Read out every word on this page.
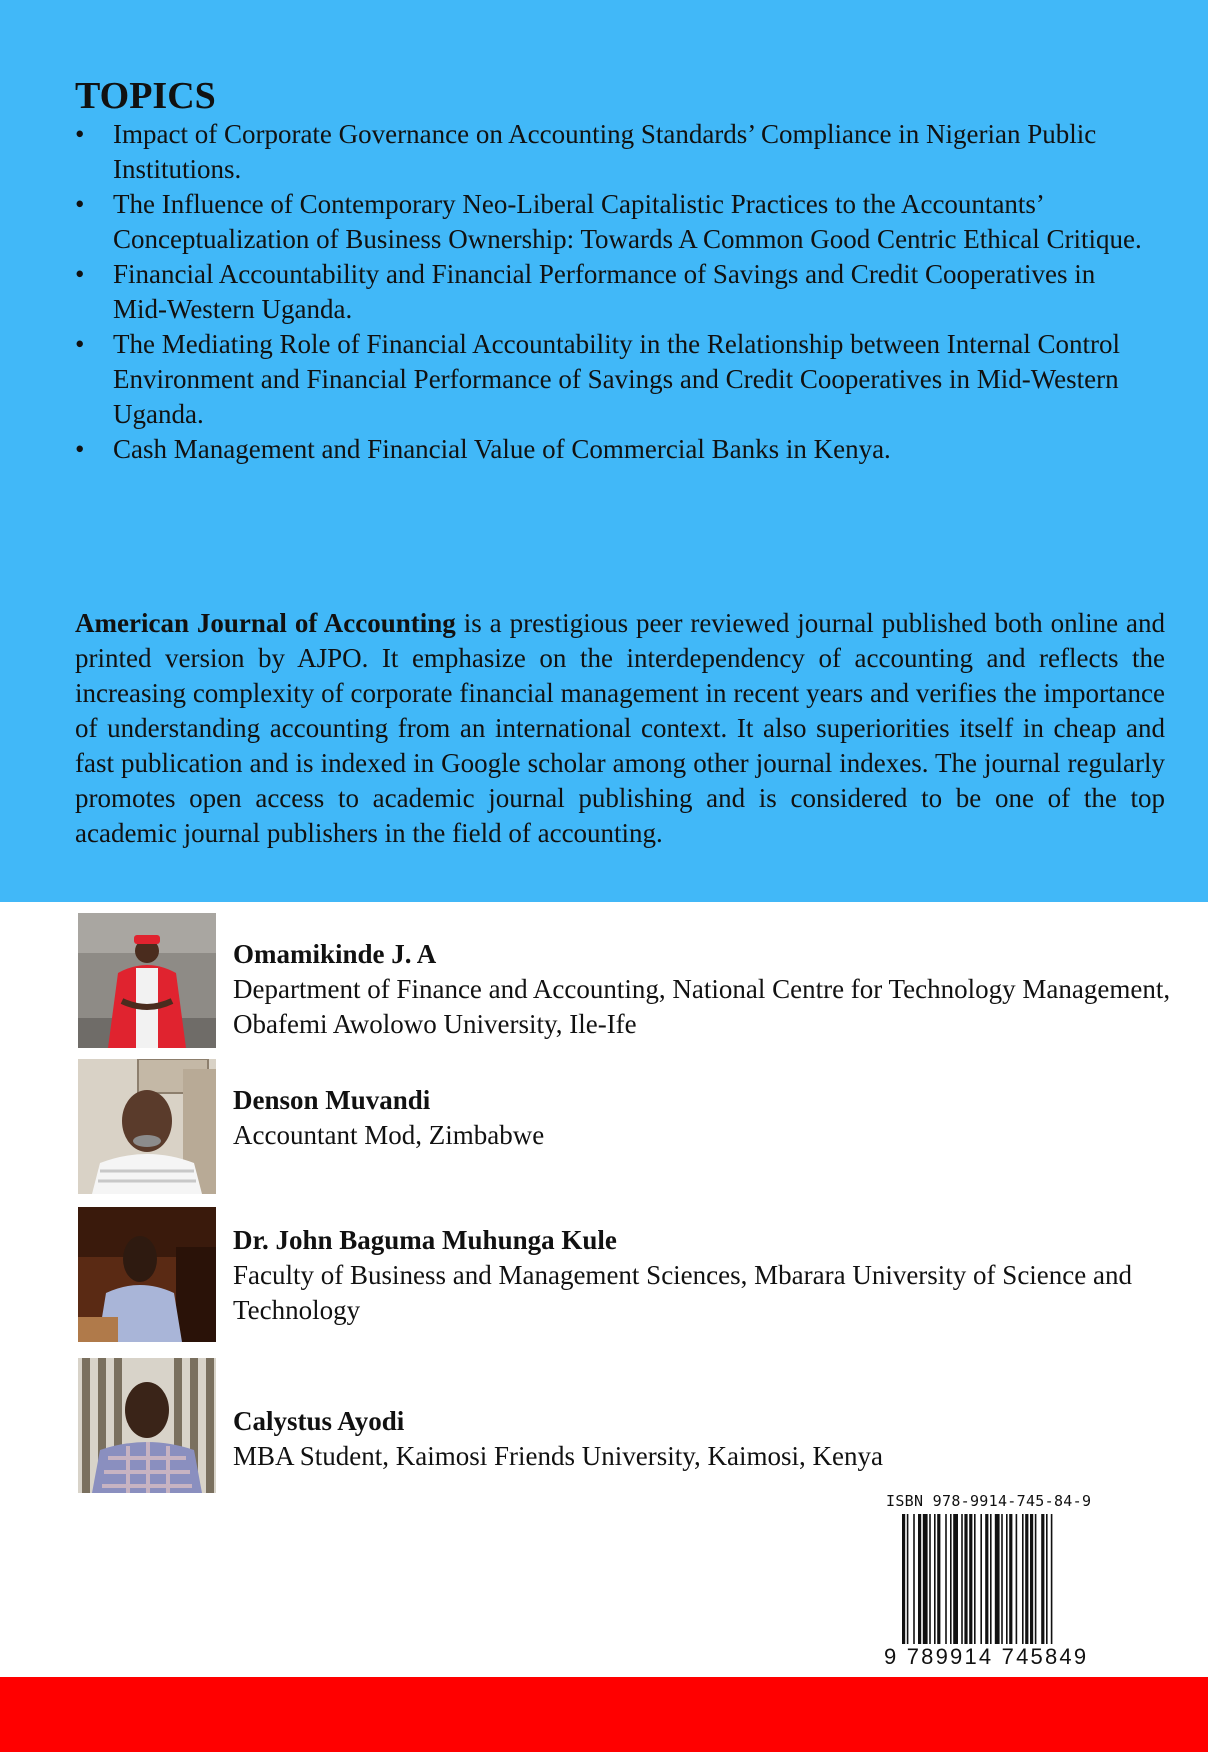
TOPICS
•	Impact of Corporate Governance on Accounting Standards’ Compliance in Nigerian Public Institutions.
•	The Influence of Contemporary Neo-Liberal Capitalistic Practices to the Accountants’ Conceptualization of Business Ownership: Towards A Common Good Centric Ethical Critique.
•	Financial Accountability and Financial Performance of Savings and Credit Cooperatives in Mid-Western Uganda.
•	The Mediating Role of Financial Accountability in the Relationship between Internal Control Environment and Financial Performance of Savings and Credit Cooperatives in Mid-Western Uganda.
•	Cash Management and Financial Value of Commercial Banks in Kenya.

American Journal of Accounting is a prestigious peer reviewed journal published both online and printed version by AJPO. It emphasize on the interdependency of accounting and reflects the increasing complexity of corporate financial management in recent years and verifies the importance of understanding accounting from an international context. It also superiorities itself in cheap and fast publication and is indexed in Google scholar among other journal indexes. The journal regularly promotes open access to academic journal publishing and is considered to be one of the top academic journal publishers in the field of accounting.

Omamikinde J. A

Department of Finance and Accounting, National Centre for Technology Management, Obafemi Awolowo University, Ile-Ife

Denson Muvandi

Accountant Mod, Zimbabwe

Dr. John Baguma Muhunga Kule

Faculty of Business and Management Sciences, Mbarara University of Science and Technology

Calystus Ayodi

MBA Student, Kaimosi Friends University, Kaimosi, Kenya

ISBN 978-9914-745-84-9
9 789914 745849
